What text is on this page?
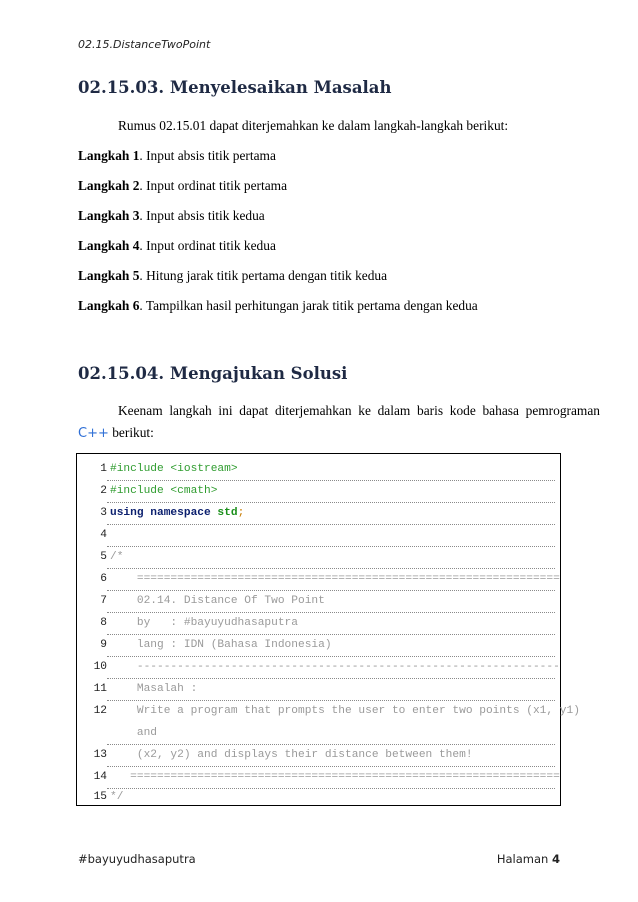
02.15.DistanceTwoPoint
02.15.03. Menyelesaikan Masalah
Rumus 02.15.01 dapat diterjemahkan ke dalam langkah-langkah berikut:
Langkah 1. Input absis titik pertama
Langkah 2. Input ordinat titik pertama
Langkah 3. Input absis titik kedua
Langkah 4. Input ordinat titik kedua
Langkah 5. Hitung jarak titik pertama dengan titik kedua
Langkah 6. Tampilkan hasil perhitungan jarak titik pertama dengan kedua
02.15.04. Mengajukan Solusi
Keenam langkah ini dapat diterjemahkan ke dalam baris kode bahasa pemrograman
C++ berikut:
1 #include <iostream>
2 #include <cmath>
3 using namespace std;
4
5 /*
6 ===============================================================
7 02.14. Distance Of Two Point
8 by   : #bayuyudhasaputra
9 lang : IDN (Bahasa Indonesia)
10 ---------------------------------------------------------------
11 Masalah :
12 Write a program that prompts the user to enter two points (x1, y1)
and
13 (x2, y2) and displays their distance between them!
14 ================================================================
15 */
#bayuyudhasaputra	Halaman 4
